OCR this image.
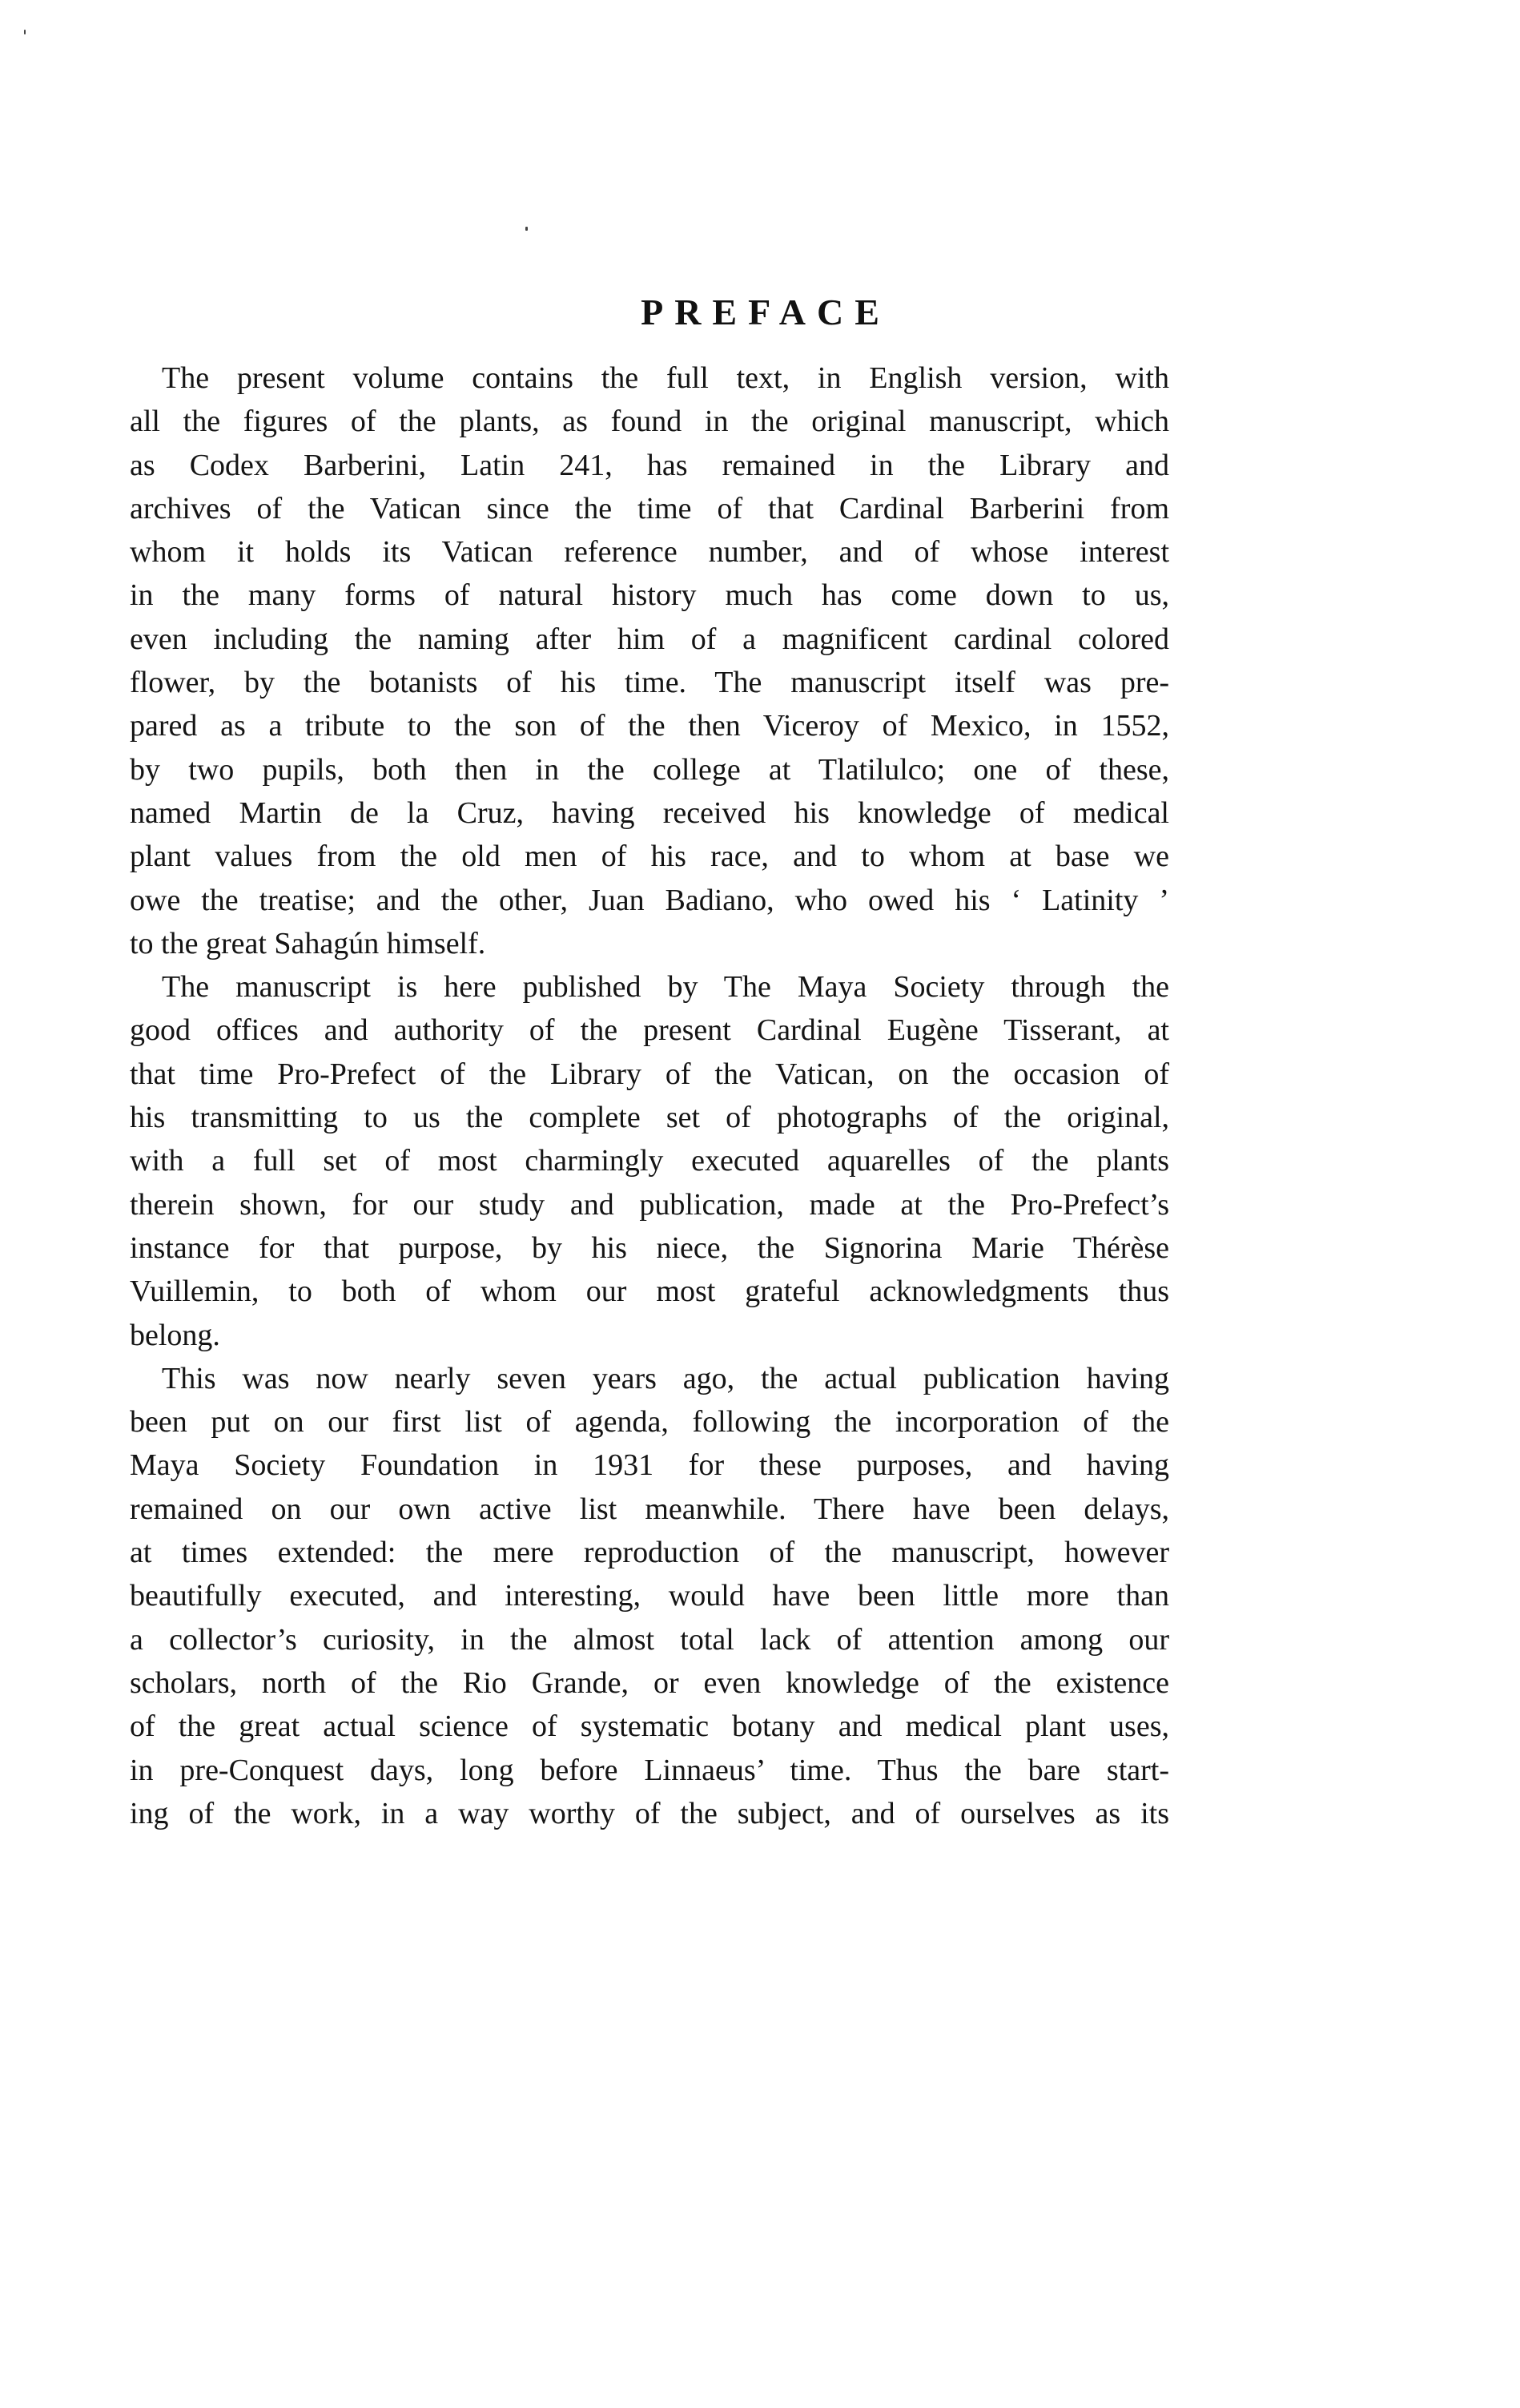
PREFACE
The present volume contains the full text, in English version, with
all the figures of the plants, as found in the original manuscript, which
as Codex Barberini, Latin 241, has remained in the Library and
archives of the Vatican since the time of that Cardinal Barberini from
whom it holds its Vatican reference number, and of whose interest
in the many forms of natural history much has come down to us,
even including the naming after him of a magnificent cardinal colored
flower, by the botanists of his time. The manuscript itself was pre‑
pared as a tribute to the son of the then Viceroy of Mexico, in 1552,
by two pupils, both then in the college at Tlatilulco; one of these,
named Martin de la Cruz, having received his knowledge of medical
plant values from the old men of his race, and to whom at base we
owe the treatise; and the other, Juan Badiano, who owed his ‘ Latinity ’
to the great Sahagún himself.
The manuscript is here published by The Maya Society through the
good offices and authority of the present Cardinal Eugène Tisserant, at
that time Pro‑Prefect of the Library of the Vatican, on the occasion of
his transmitting to us the complete set of photographs of the original,
with a full set of most charmingly executed aquarelles of the plants
therein shown, for our study and publication, made at the Pro‑Prefect’s
instance for that purpose, by his niece, the Signorina Marie Thérèse
Vuillemin, to both of whom our most grateful acknowledgments thus
belong.
This was now nearly seven years ago, the actual publication having
been put on our first list of agenda, following the incorporation of the
Maya Society Foundation in 1931 for these purposes, and having
remained on our own active list meanwhile. There have been delays,
at times extended: the mere reproduction of the manuscript, however
beautifully executed, and interesting, would have been little more than
a collector’s curiosity, in the almost total lack of attention among our
scholars, north of the Rio Grande, or even knowledge of the existence
of the great actual science of systematic botany and medical plant uses,
in pre‑Conquest days, long before Linnaeus’ time. Thus the bare start‑
ing of the work, in a way worthy of the subject, and of ourselves as its
